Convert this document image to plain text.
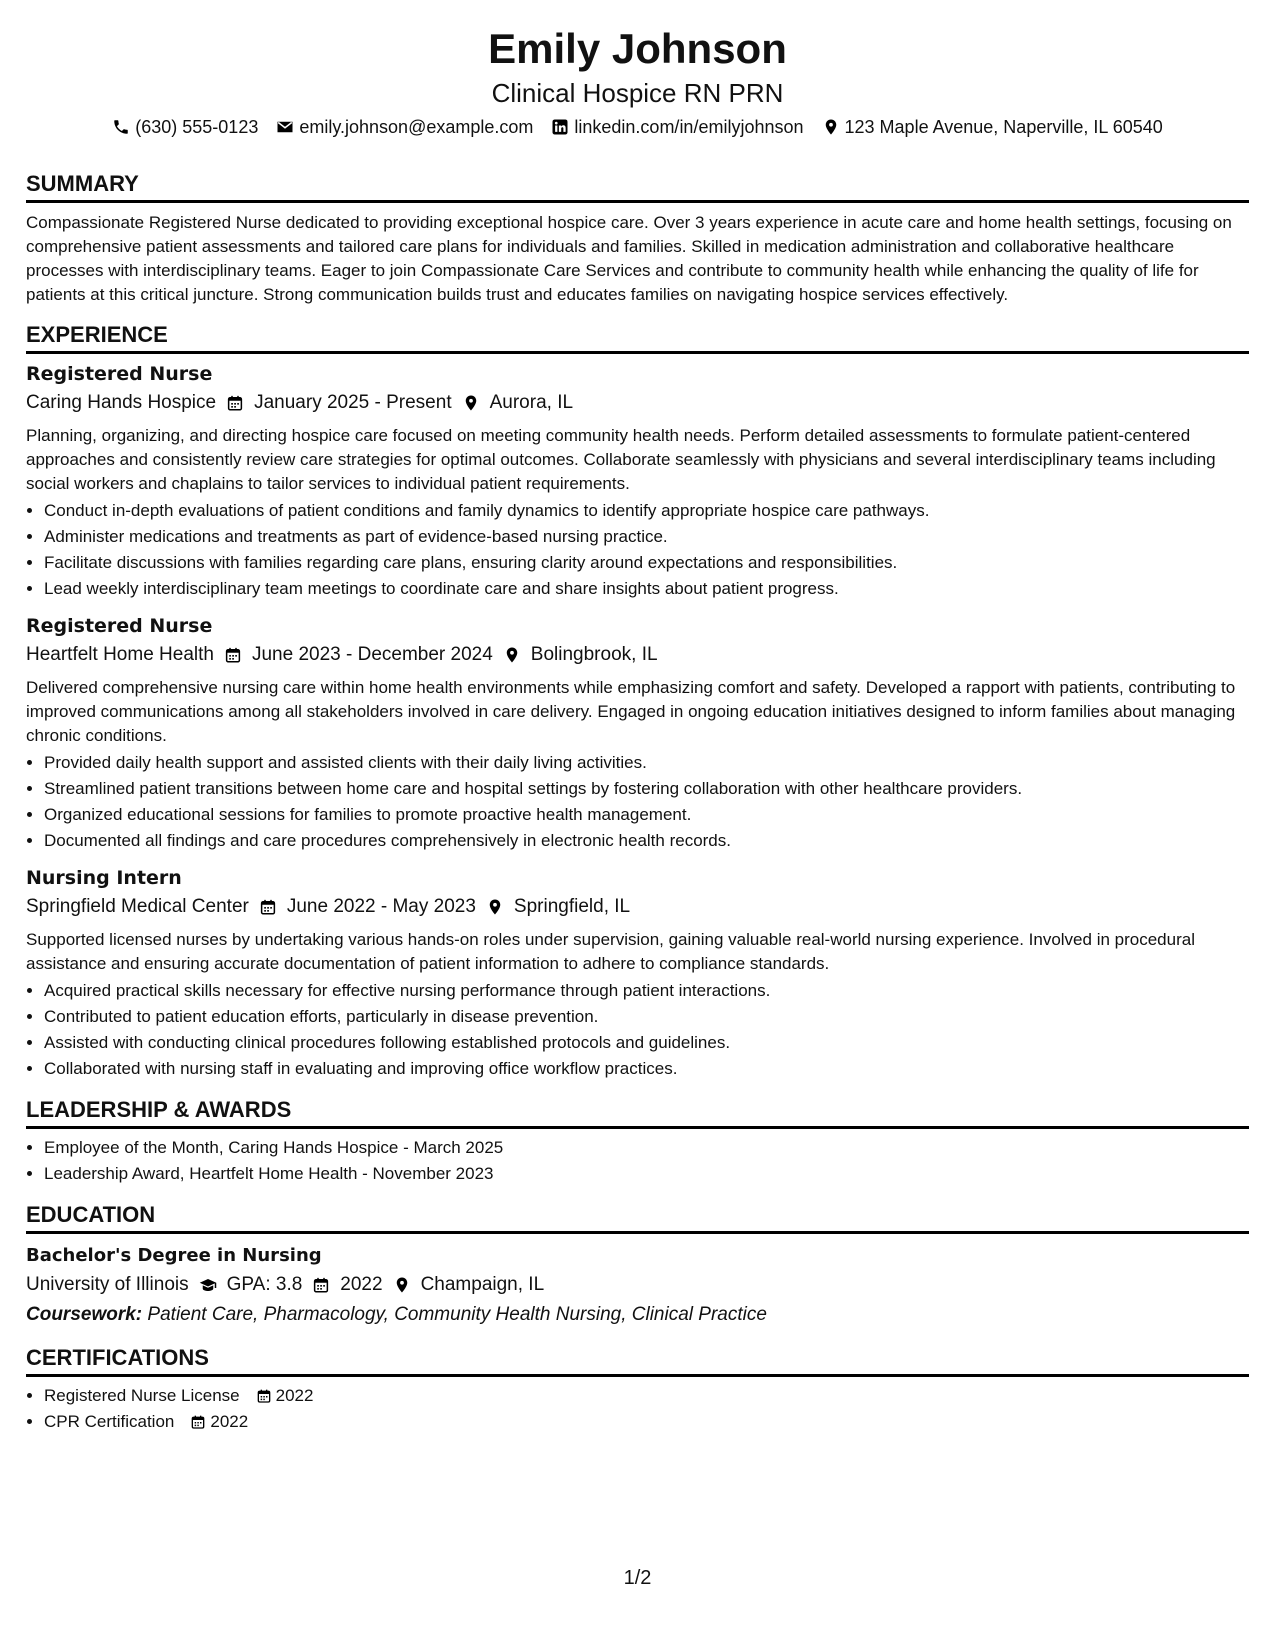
Emily Johnson
Clinical Hospice RN PRN
(630) 555-0123 emily.johnson@example.com linkedin.com/in/emilyjohnson 123 Maple Avenue, Naperville, IL 60540
SUMMARY

Compassionate Registered Nurse dedicated to providing exceptional hospice care. Over 3 years experience in acute care and home health settings, focusing on comprehensive patient assessments and tailored care plans for individuals and families. Skilled in medication administration and collaborative healthcare processes with interdisciplinary teams. Eager to join Compassionate Care Services and contribute to community health while enhancing the quality of life for patients at this critical juncture. Strong communication builds trust and educates families on navigating hospice services effectively.

EXPERIENCE
Registered Nurse
Caring Hands Hospice January 2025 - Present Aurora, IL

Planning, organizing, and directing hospice care focused on meeting community health needs. Perform detailed assessments to formulate patient-centered approaches and consistently review care strategies for optimal outcomes. Collaborate seamlessly with physicians and several interdisciplinary teams including social workers and chaplains to tailor services to individual patient requirements.

• Conduct in-depth evaluations of patient conditions and family dynamics to identify appropriate hospice care pathways.
• Administer medications and treatments as part of evidence-based nursing practice.
• Facilitate discussions with families regarding care plans, ensuring clarity around expectations and responsibilities.
• Lead weekly interdisciplinary team meetings to coordinate care and share insights about patient progress.
Registered Nurse
Heartfelt Home Health June 2023 - December 2024 Bolingbrook, IL

Delivered comprehensive nursing care within home health environments while emphasizing comfort and safety. Developed a rapport with patients, contributing to improved communications among all stakeholders involved in care delivery. Engaged in ongoing education initiatives designed to inform families about managing chronic conditions.

• Provided daily health support and assisted clients with their daily living activities.
• Streamlined patient transitions between home care and hospital settings by fostering collaboration with other healthcare providers.
• Organized educational sessions for families to promote proactive health management.
• Documented all findings and care procedures comprehensively in electronic health records.
Nursing Intern
Springfield Medical Center June 2022 - May 2023 Springfield, IL

Supported licensed nurses by undertaking various hands-on roles under supervision, gaining valuable real-world nursing experience. Involved in procedural assistance and ensuring accurate documentation of patient information to adhere to compliance standards.

• Acquired practical skills necessary for effective nursing performance through patient interactions.
• Contributed to patient education efforts, particularly in disease prevention.
• Assisted with conducting clinical procedures following established protocols and guidelines.
• Collaborated with nursing staff in evaluating and improving office workflow practices.
LEADERSHIP & AWARDS
• Employee of the Month, Caring Hands Hospice - March 2025
• Leadership Award, Heartfelt Home Health - November 2023
EDUCATION
Bachelor's Degree in Nursing
University of Illinois GPA: 3.8 2022 Champaign, IL
Coursework: Patient Care, Pharmacology, Community Health Nursing, Clinical Practice
CERTIFICATIONS
• Registered Nurse License 2022
• CPR Certification 2022
1/2
